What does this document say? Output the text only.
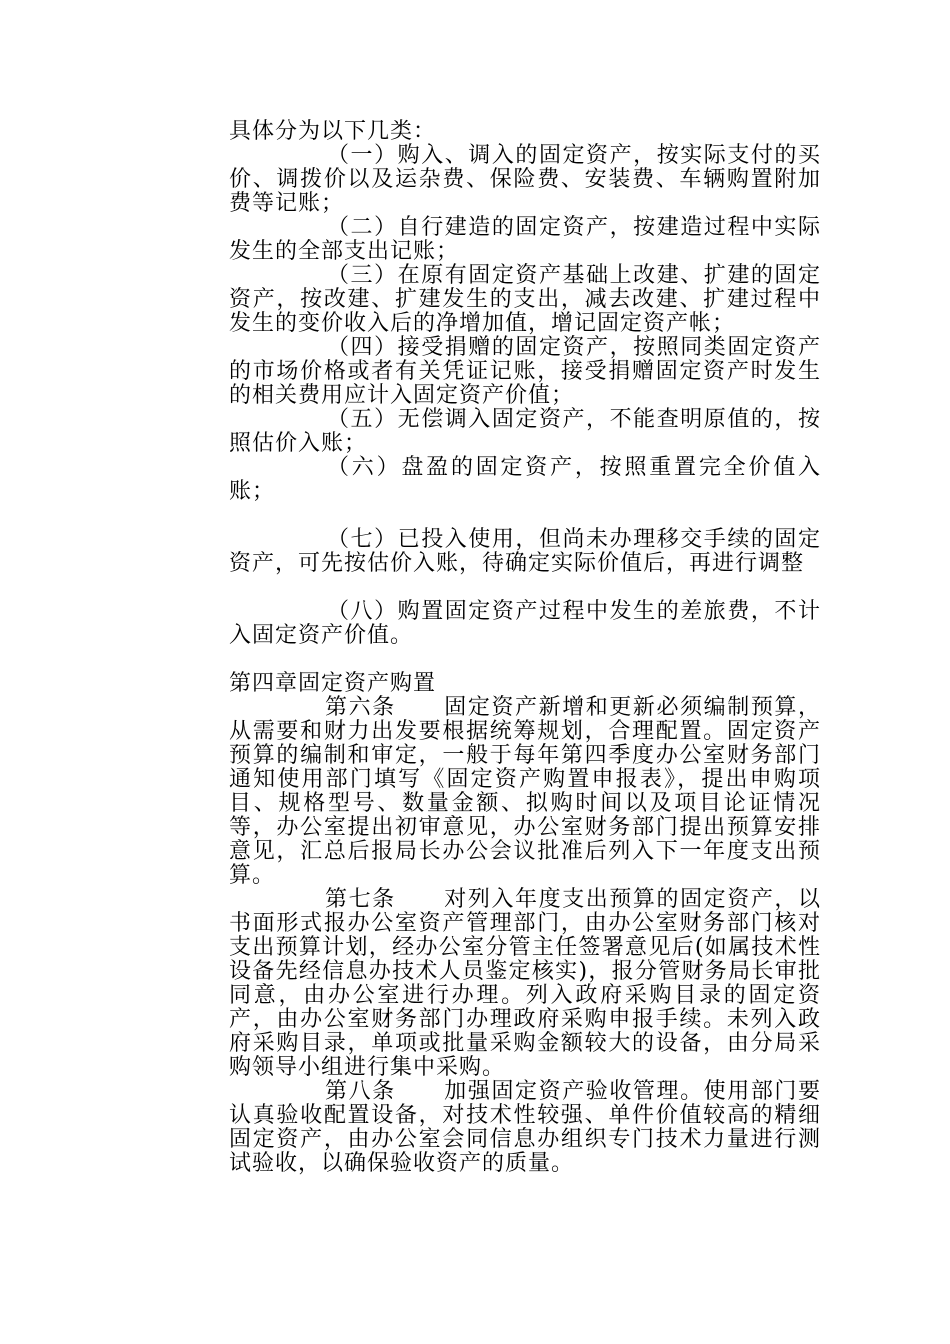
具体分为以下几类：

（一）购入、调入的固定资产，按实际支付的买价、调拨价以及运杂费、保险费、安装费、车辆购置附加费等记账；

（二）自行建造的固定资产，按建造过程中实际发生的全部支出记账；

（三）在原有固定资产基础上改建、扩建的固定资产，按改建、扩建发生的支出，减去改建、扩建过程中发生的变价收入后的净增加值，增记固定资产帐；

（四）接受捐赠的固定资产，按照同类固定资产的市场价格或者有关凭证记账，接受捐赠固定资产时发生的相关费用应计入固定资产价值；

（五）无偿调入固定资产，不能查明原值的，按照估价入账；

（六）盘盈的固定资产，按照重置完全价值入账；

（七）已投入使用，但尚未办理移交手续的固定资产，可先按估价入账，待确定实际价值后，再进行调整

（八）购置固定资产过程中发生的差旅费，不计入固定资产价值。

第四章固定资产购置

第六条 固定资产新增和更新必须编制预算，从需要和财力出发要根据统筹规划，合理配置。固定资产预算的编制和审定，一般于每年第四季度办公室财务部门通知使用部门填写《固定资产购置申报表》，提出申购项目、规格型号、数量金额、拟购时间以及项目论证情况等，办公室提出初审意见，办公室财务部门提出预算安排意见，汇总后报局长办公会议批准后列入下一年度支出预算。

第七条 对列入年度支出预算的固定资产，以书面形式报办公室资产管理部门，由办公室财务部门核对支出预算计划，经办公室分管主任签署意见后(如属技术性设备先经信息办技术人员鉴定核实)，报分管财务局长审批同意，由办公室进行办理。列入政府采购目录的固定资产，由办公室财务部门办理政府采购申报手续。未列入政府采购目录，单项或批量采购金额较大的设备，由分局采购领导小组进行集中采购。

第八条 加强固定资产验收管理。使用部门要认真验收配置设备，对技术性较强、单件价值较高的精细固定资产，由办公室会同信息办组织专门技术力量进行测试验收，以确保验收资产的质量。
